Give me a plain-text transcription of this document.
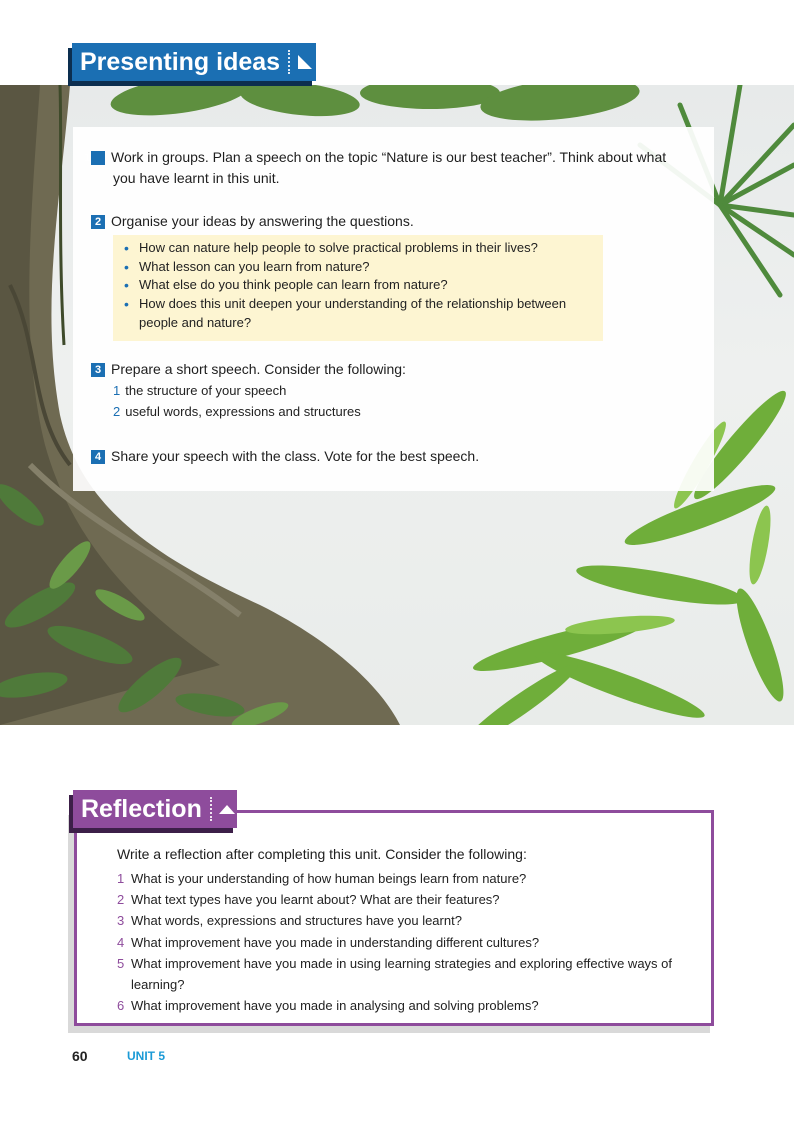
Presenting ideas
1 Work in groups. Plan a speech on the topic “Nature is our best teacher”. Think about what you have learnt in this unit.
2 Organise your ideas by answering the questions.
• How can nature help people to solve practical problems in their lives?
• What lesson can you learn from nature?
• What else do you think people can learn from nature?
• How does this unit deepen your understanding of the relationship between people and nature?
3 Prepare a short speech. Consider the following:
1 the structure of your speech
2 useful words, expressions and structures
4 Share your speech with the class. Vote for the best speech.
Write a reflection after completing this unit. Consider the following:
1 What is your understanding of how human beings learn from nature?
2 What text types have you learnt about? What are their features?
3 What words, expressions and structures have you learnt?
4 What improvement have you made in understanding different cultures?
5 What improvement have you made in using learning strategies and exploring effective ways of learning?
6 What improvement have you made in analysing and solving problems?
Reflection
60	UNIT 5
